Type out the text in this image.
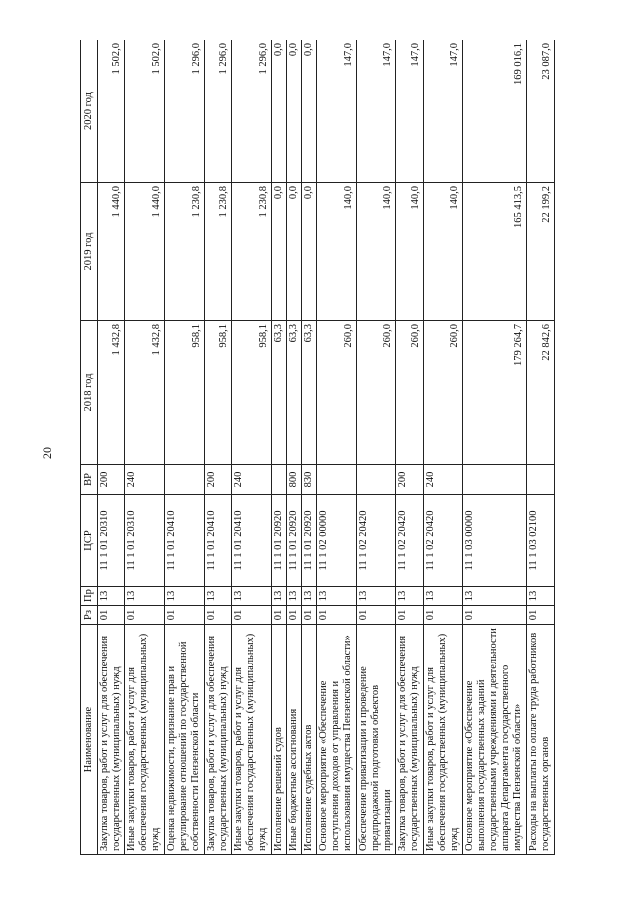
20
Наименование	Рз	Пр	ЦСР	ВР	2018 год	2019 год	2020 год
Закупка товаров, работ и услуг для обеспечения государственных (муниципальных) нужд	01	13	11 1 01 20310	200	1 432,8	1 440,0	1 502,0
Иные закупки товаров, работ и услуг для обеспечения государственных (муниципальных) нужд	01	13	11 1 01 20310	240	1 432,8	1 440,0	1 502,0
Оценка недвижимости, признание прав и регулирование отношений по государственной собственности Пензенской области	01	13	11 1 01 20410		958,1	1 230,8	1 296,0
Закупка товаров, работ и услуг для обеспечения государственных (муниципальных) нужд	01	13	11 1 01 20410	200	958,1	1 230,8	1 296,0
Иные закупки товаров, работ и услуг для обеспечения государственных (муниципальных) нужд	01	13	11 1 01 20410	240	958,1	1 230,8	1 296,0
Исполнение решений судов	01	13	11 1 01 20920		63,3	0,0	0,0
Иные бюджетные ассигнования	01	13	11 1 01 20920	800	63,3	0,0	0,0
Исполнение судебных актов	01	13	11 1 01 20920	830	63,3	0,0	0,0
Основное мероприятие «Обеспечение поступления доходов от управления и использования имущества Пензенской области»	01	13	11 1 02 00000		260,0	140,0	147,0
Обеспечение приватизации и проведение предпродажной подготовки объектов приватизации	01	13	11 1 02 20420		260,0	140,0	147,0
Закупка товаров, работ и услуг для обеспечения государственных (муниципальных) нужд	01	13	11 1 02 20420	200	260,0	140,0	147,0
Иные закупки товаров, работ и услуг для обеспечения государственных (муниципальных) нужд	01	13	11 1 02 20420	240	260,0	140,0	147,0
Основное мероприятие «Обеспечение выполнения государственных заданий государственными учреждениями и деятельности аппарата Департамента государственного имущества Пензенской области»	01	13	11 1 03 00000		179 264,7	165 413,5	169 016,1
Расходы на выплаты по оплате труда работников государственных органов	01	13	11 1 03 02100		22 842,6	22 199,2	23 087,0
